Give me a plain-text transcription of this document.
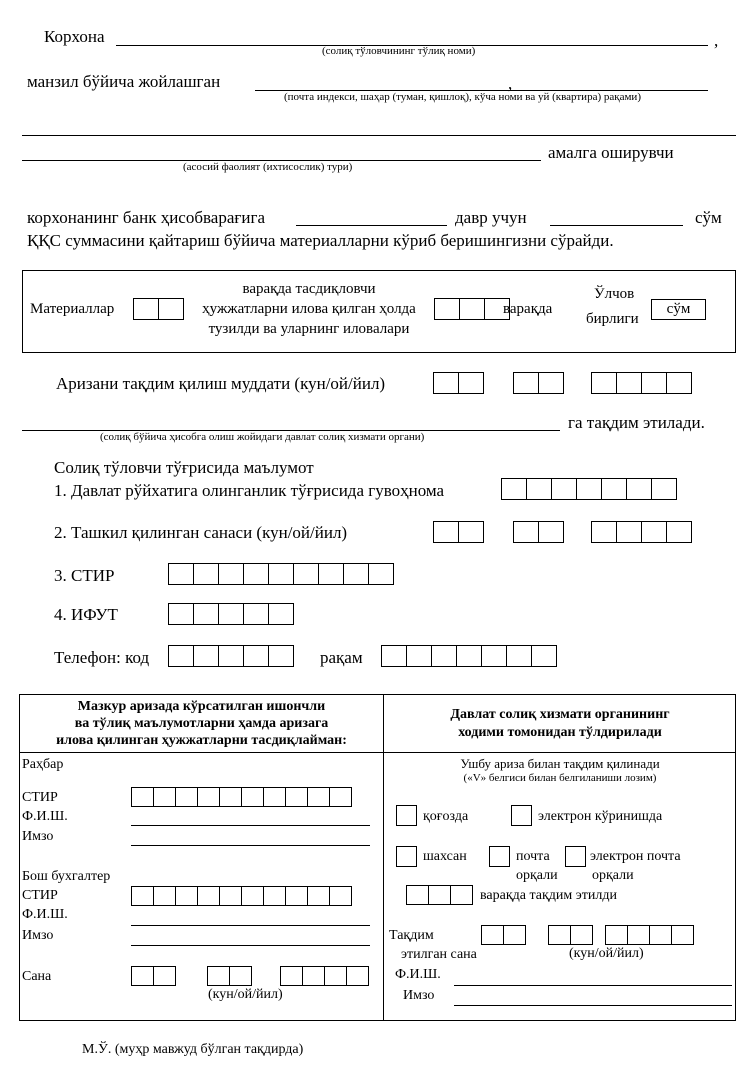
Корхона	,
(солиқ тўловчининг тўлиқ номи)
манзил бўйича жойлашган	,
(почта индекси, шаҳар (туман, қишлоқ), кўча номи ва уй (квартира) рақами)
амалга оширувчи
(асосий фаолият (ихтисослик) тури)
корхонанинг банк ҳисобварағига	давр учун	сўм
ҚҚС суммасини қайтариш бўйича материалларни кўриб беришингизни сўрайди.
Материаллар
варақда тасдиқловчи
ҳужжатларни илова қилган ҳолда
тузилди ва уларнинг иловалари
варақда
Ўлчов
бирлиги
сўм
Аризани тақдим қилиш муддати (кун/ой/йил)
га тақдим этилади.
(солиқ бўйича ҳисобга олиш жойидаги давлат солиқ хизмати органи)
Солиқ тўловчи тўғрисида маълумот
1. Давлат рўйхатига олинганлик тўғрисида гувоҳнома
2. Ташкил қилинган санаси (кун/ой/йил)
3. СТИР
4. ИФУТ
Телефон: код	рақам
Мазкур аризада кўрсатилган ишончли
ва тўлиқ маълумотларни ҳамда аризага
илова қилинган ҳужжатларни тасдиқлайман:
Давлат солиқ хизмати органининг
ходими томонидан тўлдирилади
Раҳбар
СТИР
Ф.И.Ш.
Имзо
Бош бухгалтер
СТИР
Ф.И.Ш.
Имзо
Сана
(кун/ой/йил)
Ушбу ариза билан тақдим қилинади
(«V» белгиси билан белгиланиши лозим)
қоғозда	электрон кўринишда
шахсан	почта
орқали
электрон почта
орқали
варақда тақдим этилди
Тақдим
этилган сана	(кун/ой/йил)
Ф.И.Ш.
Имзо
М.Ў. (муҳр мавжуд бўлган тақдирда)
